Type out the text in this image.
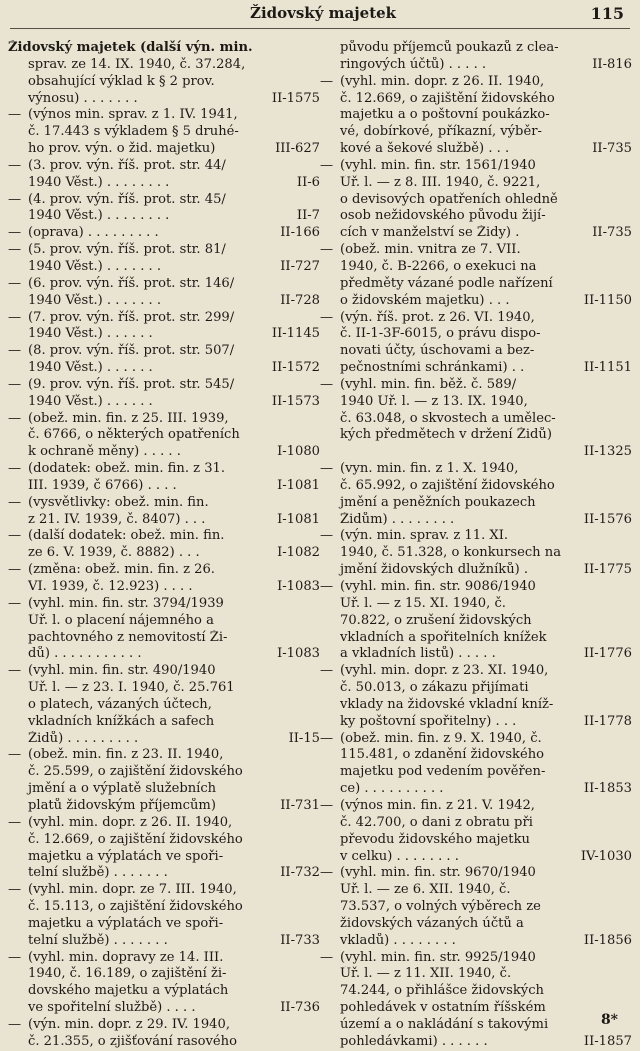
Židovský majetek	115
Židovský majetek (další výn. min.
sprav. ze 14. IX. 1940, č. 37.284,
obsahující výklad k § 2 prov.
výnosu) . . . . . . .	II-1575
— (výnos min. sprav. z 1. IV. 1941,
č. 17.443 s výkladem § 5 druhé-
ho prov. výn. o žid. majetku)	III-627
— (3. prov. výn. říš. prot. str. 44/
1940 Věst.) . . . . . . . .	II-6
— (4. prov. výn. říš. prot. str. 45/
1940 Věst.) . . . . . . . .	II-7
— (oprava) . . . . . . . . .	II-166
— (5. prov. výn. říš. prot. str. 81/
1940 Věst.) . . . . . . .	II-727
— (6. prov. výn. říš. prot. str. 146/
1940 Věst.) . . . . . . .	II-728
— (7. prov. výn. říš. prot. str. 299/
1940 Věst.) . . . . . .	II-1145
— (8. prov. výn. říš. prot. str. 507/
1940 Věst.) . . . . . .	II-1572
— (9. prov. výn. říš. prot. str. 545/
1940 Věst.) . . . . . .	II-1573
— (obež. min. fin. z 25. III. 1939,
č. 6766, o některých opatřeních
k ochraně měny) . . . . .	I-1080
— (dodatek: obež. min. fin. z 31.
III. 1939, č 6766) . . . .	I-1081
— (vysvětlivky: obež. min. fin.
z 21. IV. 1939, č. 8407) . . .	I-1081
— (další dodatek: obež. min. fin.
ze 6. V. 1939, č. 8882) . . .	I-1082
— (změna: obež. min. fin. z 26.
VI. 1939, č. 12.923) . . . .	I-1083
— (vyhl. min. fin. str. 3794/1939
Úř. l. o placení nájemného a
pachtovného z nemovitostí Ži-
dů) . . . . . . . . . . .	I-1083
— (vyhl. min. fin. str. 490/1940
Úř. l. — z 23. I. 1940, č. 25.761
o platech, vázaných účtech,
vkladních knížkách a safech
Židů) . . . . . . . . .	II-15
— (obež. min. fin. z 23. II. 1940,
č. 25.599, o zajištění židovského
jmění a o výplatě služebních
platů židovským příjemcům)	II-731
— (vyhl. min. dopr. z 26. II. 1940,
č. 12.669, o zajištění židovského
majetku a výplatách ve spoři-
telní službě) . . . . . . .	II-732
— (vyhl. min. dopr. ze 7. III. 1940,
č. 15.113, o zajištění židovského
majetku a výplatách ve spoři-
telní službě) . . . . . . .	II-733
— (vyhl. min. dopravy ze 14. III.
1940, č. 16.189, o zajištění ži-
dovského majetku a výplatách
ve spořitelní službě) . . . .	II-736
— (výn. min. dopr. z 29. IV. 1940,
č. 21.355, o zjišťování rasového
původu příjemců poukazů z clea-
ringových účtů) . . . . .	II-816
— (vyhl. min. dopr. z 26. II. 1940,
č. 12.669, o zajištění židovského
majetku a o poštovní poukázko-
vé, dobírkové, příkazní, výběr-
kové a šekové službě) . . .	II-735
— (vyhl. min. fin. str. 1561/1940
Úř. l. — z 8. III. 1940, č. 9221,
o devisových opatřeních ohledně
osob nežidovského původu žijí-
cích v manželství se Židy) .	II-735
— (obež. min. vnitra ze 7. VII.
1940, č. B-2266, o exekuci na
předměty vázané podle nařízení
o židovském majetku) . . .	II-1150
— (výn. říš. prot. z 26. VI. 1940,
č. II-1-3F-6015, o právu dispo-
novati účty, úschovami a bez-
pečnostními schránkami) . .	II-1151
— (vyhl. min. fin. běž. č. 589/
1940 Úř. l. — z 13. IX. 1940,
č. 63.048, o skvostech a umělec-
kých předmětech v držení Židů)
II-1325
— (vyn. min. fin. z 1. X. 1940,
č. 65.992, o zajištění židovského
jmění a peněžních poukazech
Židům) . . . . . . . .	II-1576
— (výn. min. sprav. z 11. XI.
1940, č. 51.328, o konkursech na
jmění židovských dlužníků) .	II-1775
— (vyhl. min. fin. str. 9086/1940
Úř. l. — z 15. XI. 1940, č.
70.822, o zrušení židovských
vkladních a spořitelních knížek
a vkladních listů) . . . . .	II-1776
— (vyhl. min. dopr. z 23. XI. 1940,
č. 50.013, o zákazu přijímati
vklady na židovské vkladní kníž-
ky poštovní spořitelny) . . .	II-1778
— (obež. min. fin. z 9. X. 1940, č.
115.481, o zdanění židovského
majetku pod vedením pověřen-
ce) . . . . . . . . . .	II-1853
— (výnos min. fin. z 21. V. 1942,
č. 42.700, o dani z obratu při
převodu židovského majetku
v celku) . . . . . . . .	IV-1030
— (vyhl. min. fin. str. 9670/1940
Úř. l. — ze 6. XII. 1940, č.
73.537, o volných výběrech ze
židovských vázaných účtů a
vkladů) . . . . . . . .	II-1856
— (vyhl. min. fin. str. 9925/1940
Úř. l. — z 11. XII. 1940, č.
74.244, o přihlášce židovských
pohledávek v ostatním říšském
území a o nakládání s takovými
pohledávkami) . . . . . .	II-1857
8*
